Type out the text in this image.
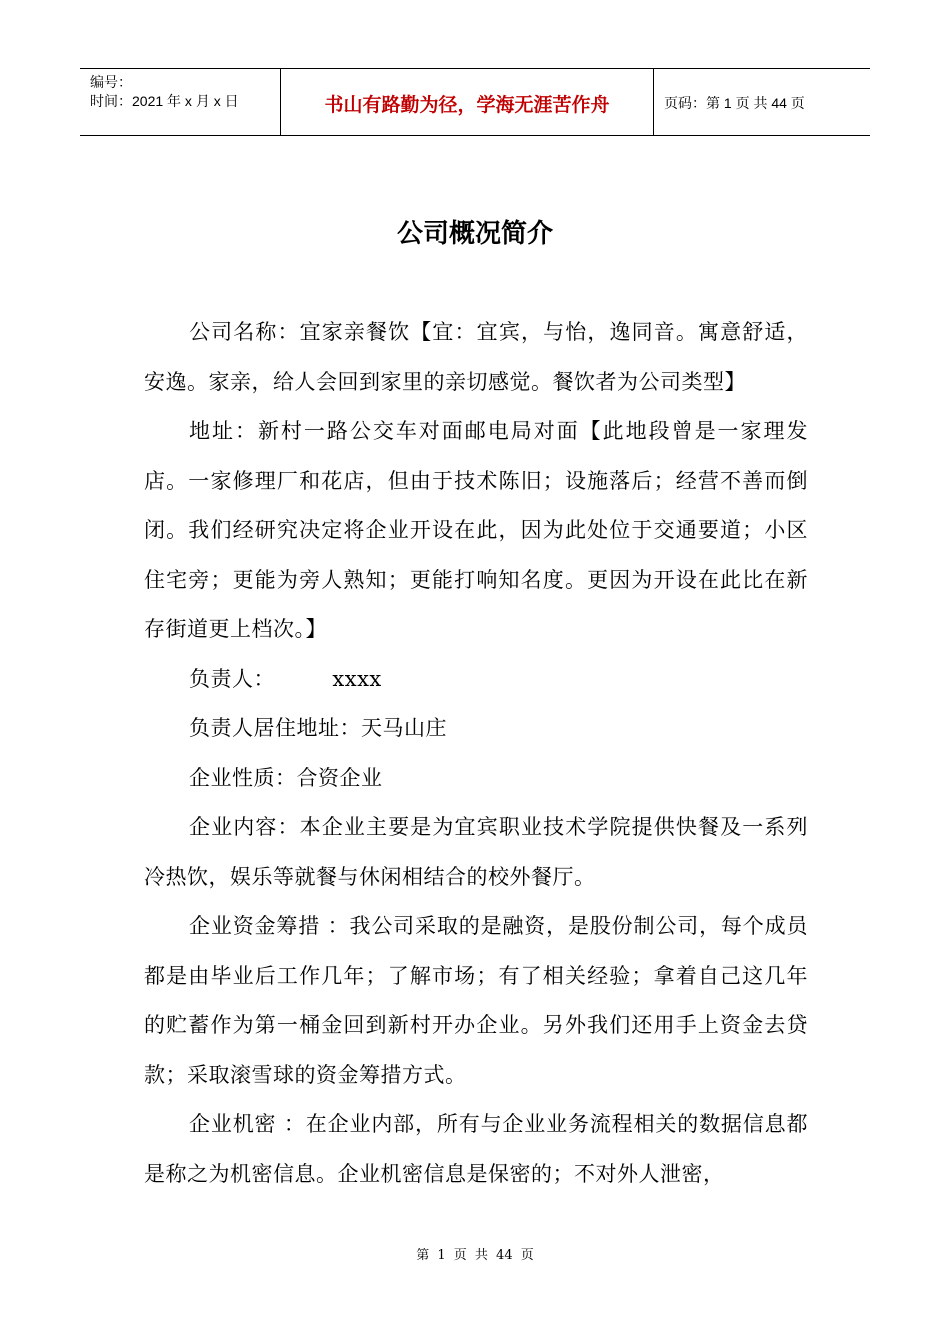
编号：
时间：2021 年 x 月 x 日	书山有路勤为径，学海无涯苦作舟	页码：第 1 页 共 44 页
公司概况简介

公司名称：宜家亲餐饮【宜：宜宾，与怡，逸同音。寓意舒适，安逸。家亲，给人会回到家里的亲切感觉。餐饮者为公司类型】

地址：新村一路公交车对面邮电局对面【此地段曾是一家理发店。一家修理厂和花店，但由于技术陈旧；设施落后；经营不善而倒闭。我们经研究决定将企业开设在此，因为此处位于交通要道；小区住宅旁；更能为旁人熟知；更能打响知名度。更因为开设在此比在新存街道更上档次。】

负责人：        xxxx

负责人居住地址：天马山庄

企业性质：合资企业

企业内容：本企业主要是为宜宾职业技术学院提供快餐及一系列冷热饮，娱乐等就餐与休闲相结合的校外餐厅。

企业资金筹措 ：我公司采取的是融资，是股份制公司，每个成员都是由毕业后工作几年；了解市场；有了相关经验；拿着自己这几年的贮蓄作为第一桶金回到新村开办企业。另外我们还用手上资金去贷款；采取滚雪球的资金筹措方式。

企业机密 ：在企业内部，所有与企业业务流程相关的数据信息都是称之为机密信息。企业机密信息是保密的；不对外人泄密，

第 1 页 共 44 页
